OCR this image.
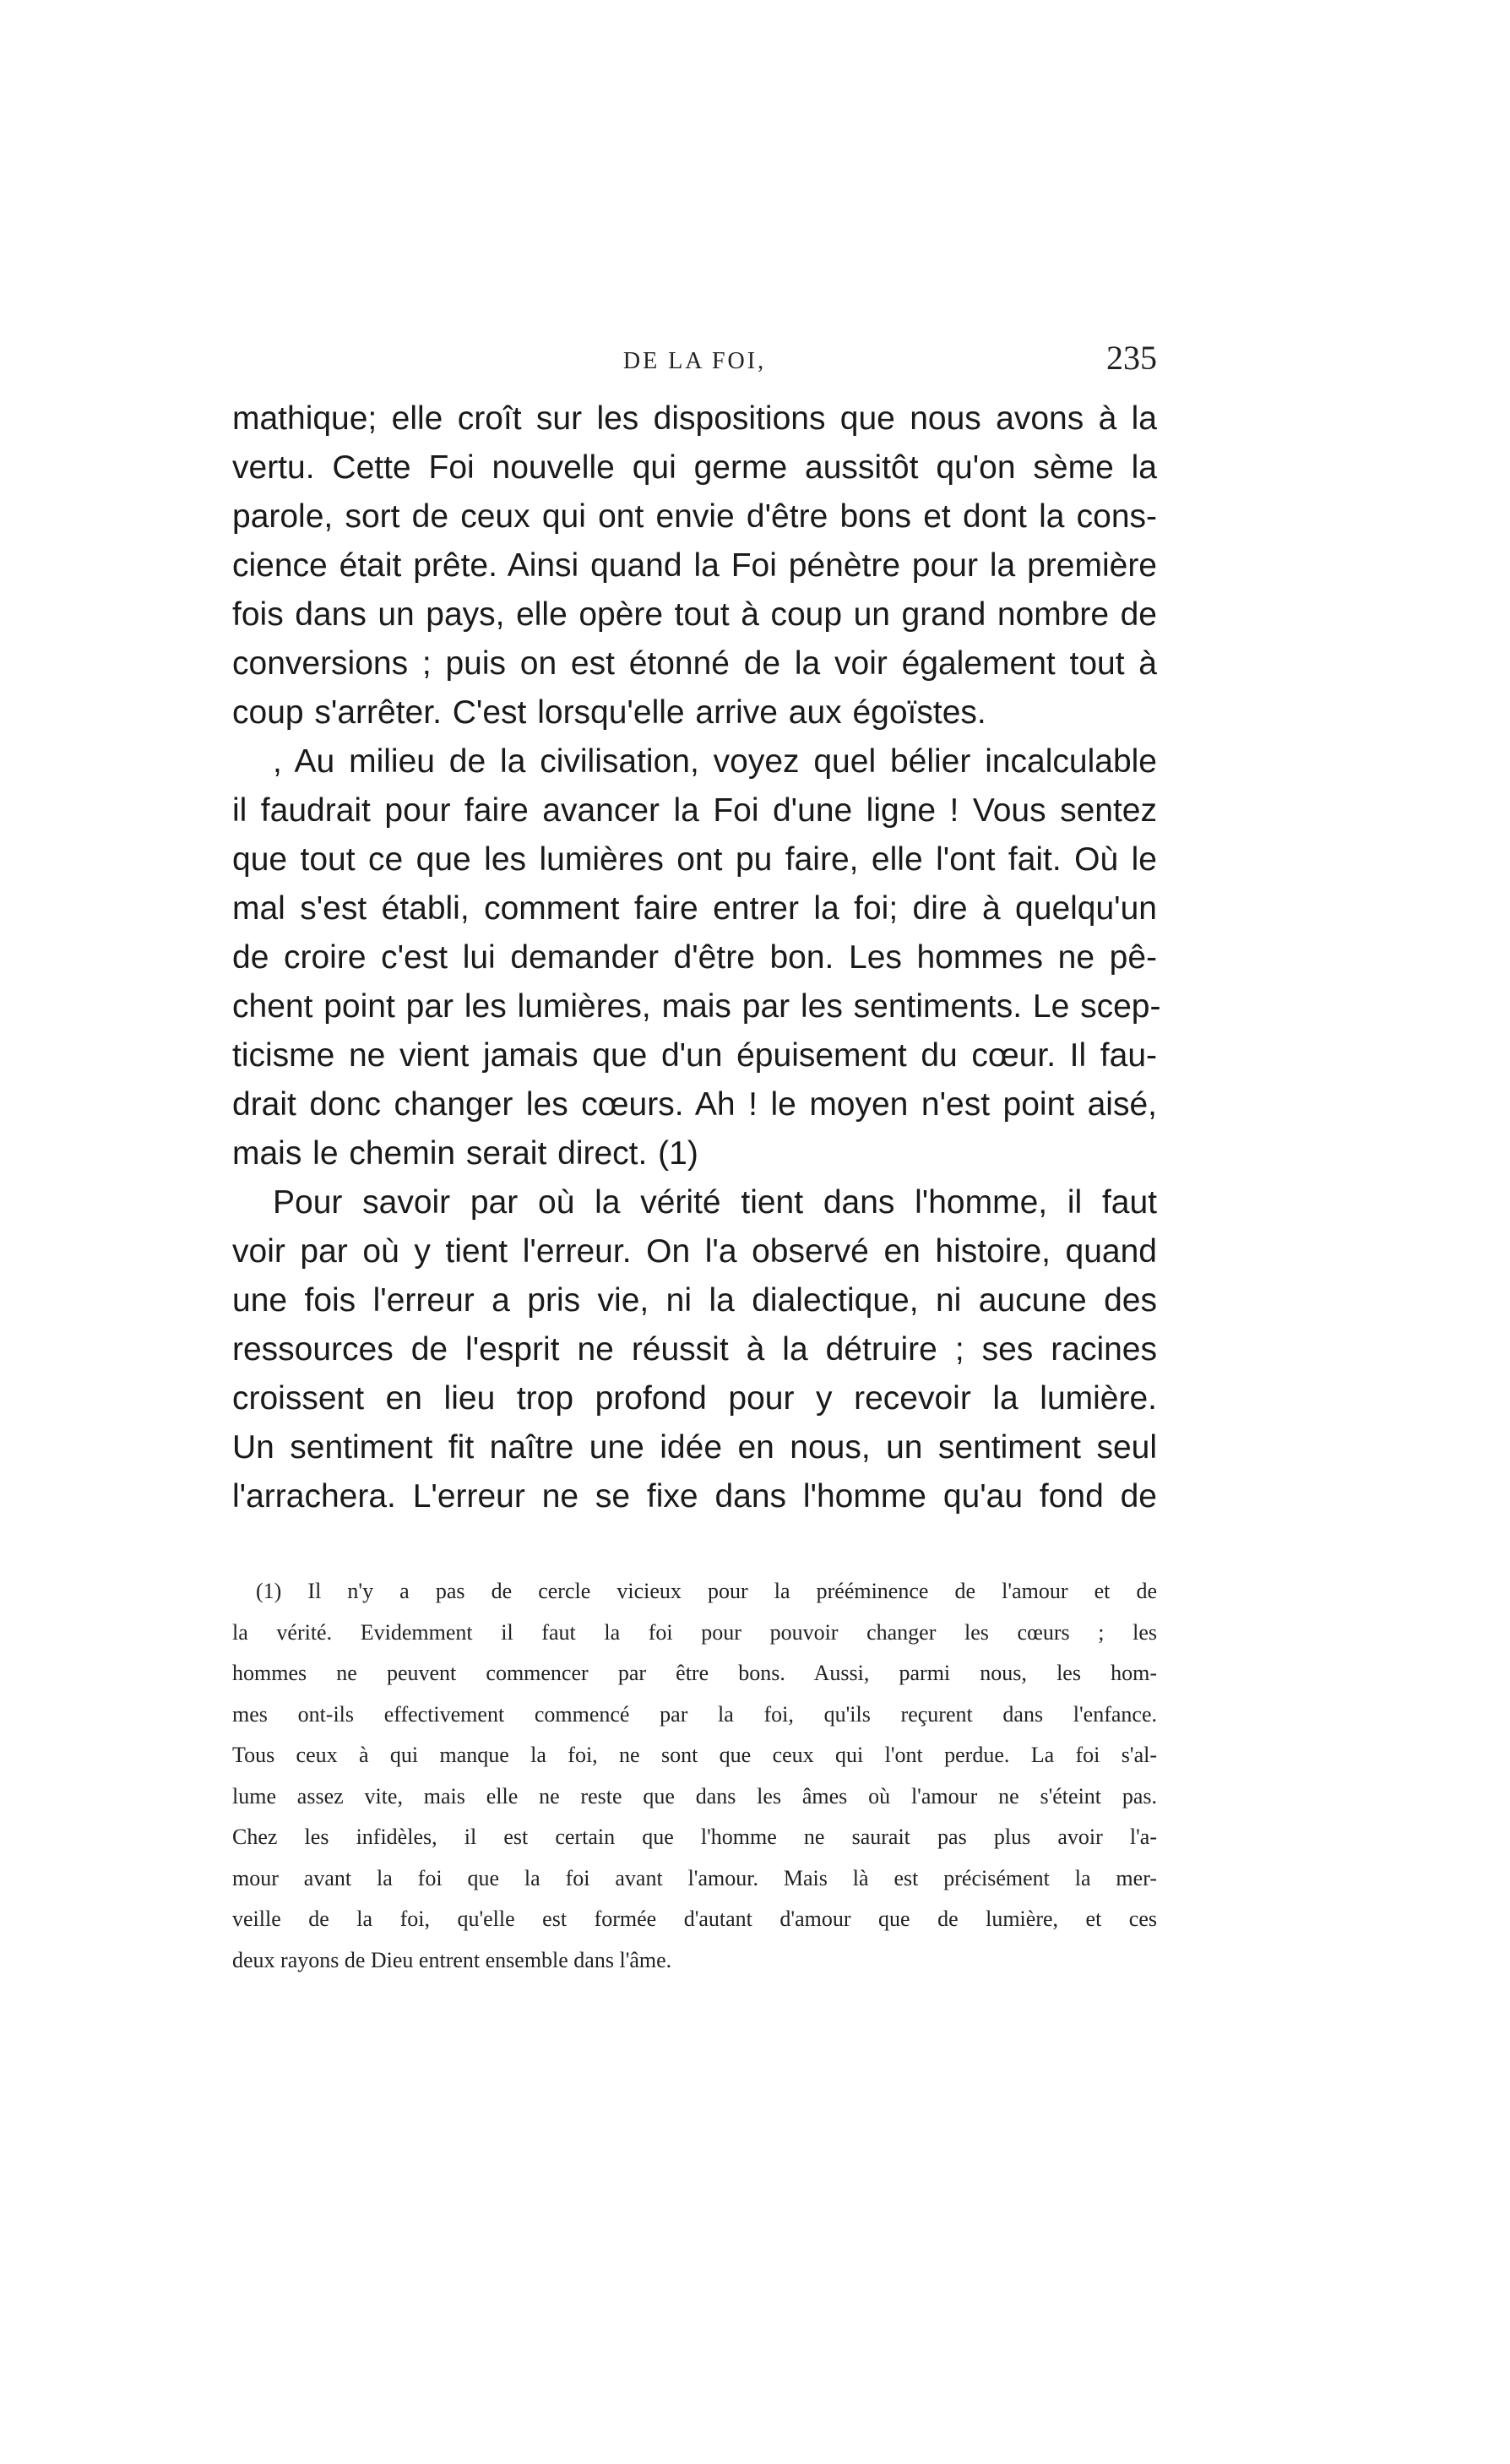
DE LA FOI,	235
mathique; elle croît sur les dispositions que nous avons à la
vertu. Cette Foi nouvelle qui germe aussitôt qu'on sème la
parole, sort de ceux qui ont envie d'être bons et dont la cons-
cience était prête. Ainsi quand la Foi pénètre pour la première
fois dans un pays, elle opère tout à coup un grand nombre de
conversions ; puis on est étonné de la voir également tout à
coup s'arrêter. C'est lorsqu'elle arrive aux égoïstes.
, Au milieu de la civilisation, voyez quel bélier incalculable
il faudrait pour faire avancer la Foi d'une ligne ! Vous sentez
que tout ce que les lumières ont pu faire, elle l'ont fait. Où le
mal s'est établi, comment faire entrer la foi; dire à quelqu'un
de croire c'est lui demander d'être bon. Les hommes ne pê-
chent point par les lumières, mais par les sentiments. Le scep-
ticisme ne vient jamais que d'un épuisement du cœur. Il fau-
drait donc changer les cœurs. Ah ! le moyen n'est point aisé,
mais le chemin serait direct. (1)
Pour savoir par où la vérité tient dans l'homme, il faut
voir par où y tient l'erreur. On l'a observé en histoire, quand
une fois l'erreur a pris vie, ni la dialectique, ni aucune des
ressources de l'esprit ne réussit à la détruire ; ses racines
croissent en lieu trop profond pour y recevoir la lumière.
Un sentiment fit naître une idée en nous, un sentiment seul
l'arrachera. L'erreur ne se fixe dans l'homme qu'au fond de
(1) Il n'y a pas de cercle vicieux pour la prééminence de l'amour et de
la vérité. Evidemment il faut la foi pour pouvoir changer les cœurs ; les
hommes ne peuvent commencer par être bons. Aussi, parmi nous, les hom-
mes ont-ils effectivement commencé par la foi, qu'ils reçurent dans l'enfance.
Tous ceux à qui manque la foi, ne sont que ceux qui l'ont perdue. La foi s'al-
lume assez vite, mais elle ne reste que dans les âmes où l'amour ne s'éteint pas.
Chez les infidèles, il est certain que l'homme ne saurait pas plus avoir l'a-
mour avant la foi que la foi avant l'amour. Mais là est précisément la mer-
veille de la foi, qu'elle est formée d'autant d'amour que de lumière, et ces
deux rayons de Dieu entrent ensemble dans l'âme.
